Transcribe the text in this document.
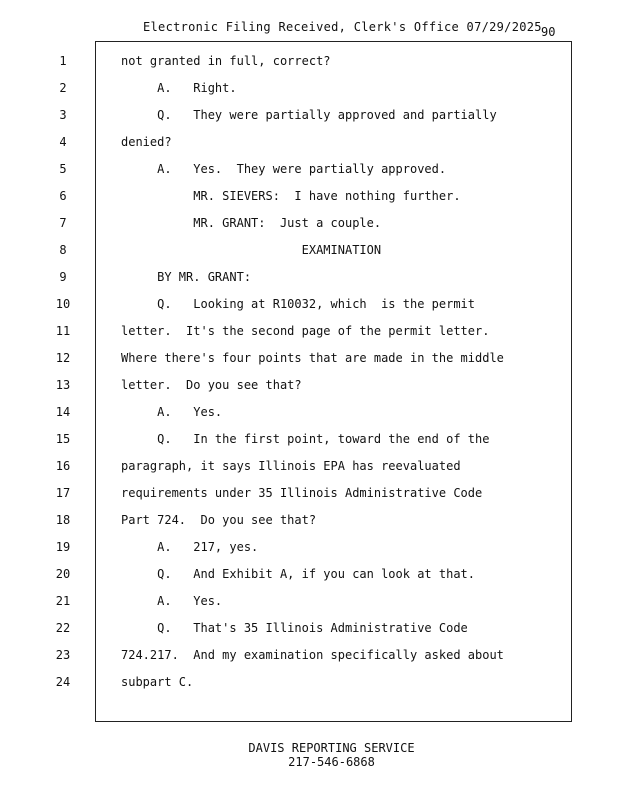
Electronic Filing Received, Clerk's Office 07/29/2025 90
1
2
3
4
5
6
7
8
9
10
11
12
13
14
15
16
17
18
19
20
21
22
23
24
not granted in full, correct?
A.   Right.
Q.   They were partially approved and partially
denied?
A.   Yes.  They were partially approved.
MR. SIEVERS:  I have nothing further.
MR. GRANT:  Just a couple.
EXAMINATION
BY MR. GRANT:
Q.   Looking at R10032, which  is the permit
letter.  It's the second page of the permit letter.
Where there's four points that are made in the middle
letter.  Do you see that?
A.   Yes.
Q.   In the first point, toward the end of the
paragraph, it says Illinois EPA has reevaluated
requirements under 35 Illinois Administrative Code
Part 724.  Do you see that?
A.   217, yes.
Q.   And Exhibit A, if you can look at that.
A.   Yes.
Q.   That's 35 Illinois Administrative Code
724.217.  And my examination specifically asked about
subpart C.
DAVIS REPORTING SERVICE
217-546-6868
